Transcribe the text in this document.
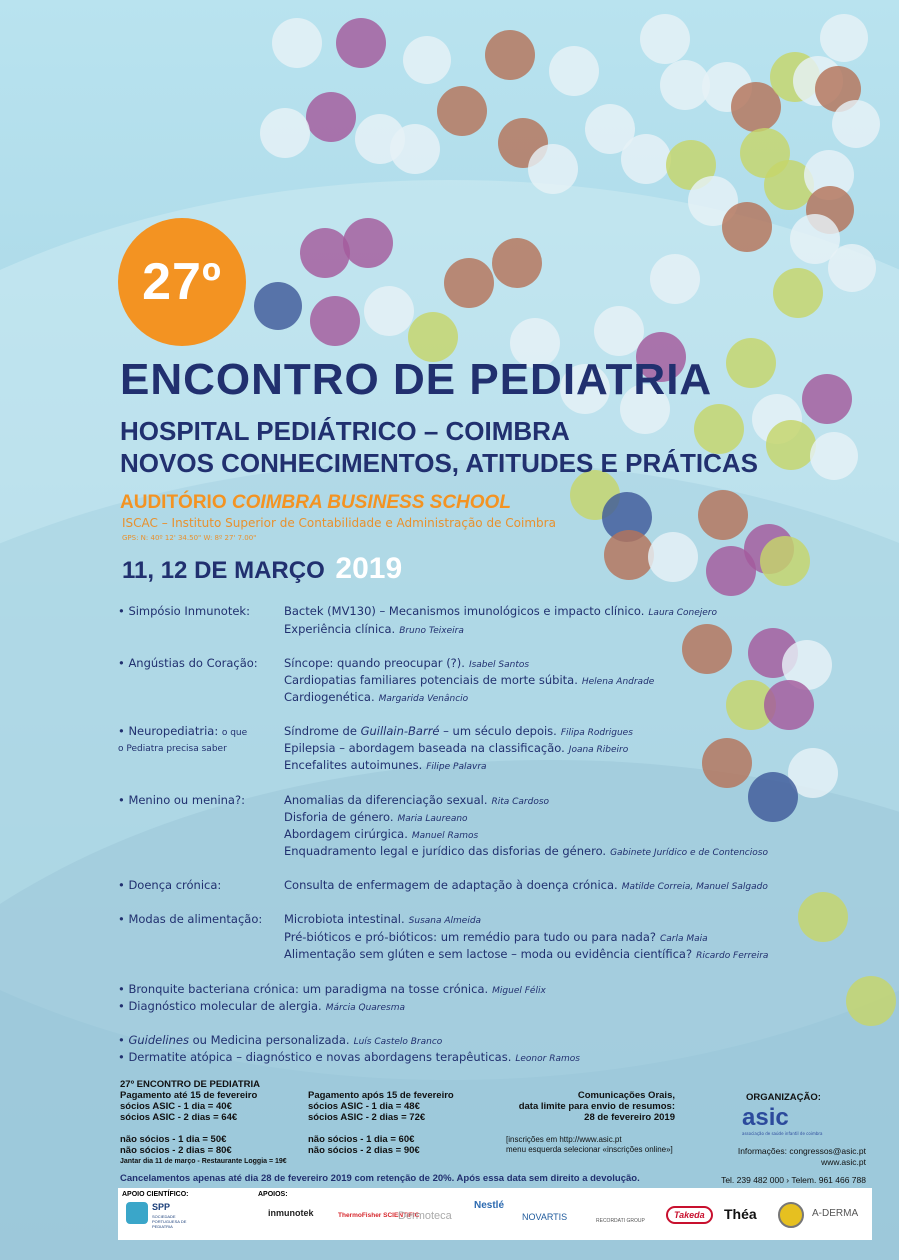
27º
ENCONTRO DE PEDIATRIA
HOSPITAL PEDIÁTRICO – COIMBRA
NOVOS CONHECIMENTOS, ATITUDES E PRÁTICAS
AUDITÓRIO COIMBRA BUSINESS SCHOOL
ISCAC – Instituto Superior de Contabilidade e Administração de Coimbra
GPS: N: 40º 12' 34.50" W: 8º 27' 7.00"
11, 12 DE MARÇO 2019
• Simpósio Inmunotek:	Bactek (MV130) – Mecanismos imunológicos e impacto clínico. Laura Conejero
Experiência clínica. Bruno Teixeira
• Angústias do Coração: Síncope: quando preocupar (?). Isabel Santos
Cardiopatias familiares potenciais de morte súbita. Helena Andrade
Cardiogenética. Margarida Venâncio
• Neuropediatria: o que
o Pediatra precisa saber
Síndrome de Guillain-Barré – um século depois. Filipa Rodrigues
Epilepsia – abordagem baseada na classificação. Joana Ribeiro
Encefalites autoimunes. Filipe Palavra
• Menino ou menina?:	Anomalias da diferenciação sexual. Rita Cardoso
Disforia de género. Maria Laureano
Abordagem cirúrgica. Manuel Ramos
Enquadramento legal e jurídico das disforias de género. Gabinete Jurídico e de Contencioso
• Doença crónica:	Consulta de enfermagem de adaptação à doença crónica. Matilde Correia, Manuel Salgado
• Modas de alimentação: Microbiota intestinal. Susana Almeida
Pré-bióticos e pró-bióticos: um remédio para tudo ou para nada? Carla Maia
Alimentação sem glúten e sem lactose – moda ou evidência científica? Ricardo Ferreira
• Bronquite bacteriana crónica: um paradigma na tosse crónica. Miguel Félix
• Diagnóstico molecular de alergia. Márcia Quaresma
• Guidelines ou Medicina personalizada. Luís Castelo Branco
• Dermatite atópica – diagnóstico e novas abordagens terapêuticas. Leonor Ramos
27º ENCONTRO DE PEDIATRIA
Pagamento até 15 de fevereiro
sócios ASIC - 1 dia = 40€
sócios ASIC - 2 dias = 64€
não sócios - 1 dia = 50€
não sócios - 2 dias = 80€
Jantar dia 11 de março - Restaurante Loggia = 19€
Pagamento após 15 de fevereiro
sócios ASIC - 1 dia = 48€
sócios ASIC - 2 dias = 72€
não sócios - 1 dia = 60€
não sócios - 2 dias = 90€
Comunicações Orais,
data limite para envio de resumos:
28 de fevereiro 2019
[inscrições em http://www.asic.pt
menu esquerda selecionar «inscrições online»]
ORGANIZAÇÃO:
asic
associação de saúde infantil de coimbra
Informações: congressos@asic.pt
www.asic.pt
Tel. 239 482 000 › Telem. 961 466 788
Cancelamentos apenas até dia 28 de fevereiro 2019 com retenção de 20%. Após essa data sem direito a devolução.
APOIO CIENTÍFICO:	APOIOS:
SPP
SOCIEDADE PORTUGUESA DE PEDIATRIA
inmunotek	ThermoFisher SCIENTIFIC
Dermoteca
Nestlé
NOVARTIS	RECORDATI GROUP
Takeda	Théa	A-DERMA
